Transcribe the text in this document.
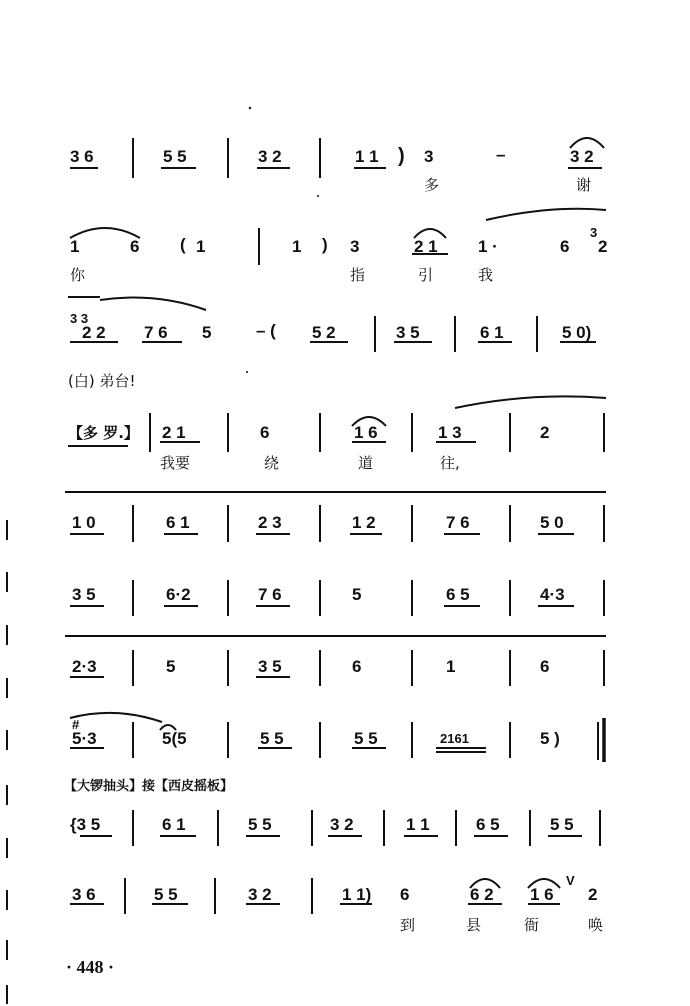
3 6	5 5	3 2	1 1 ) 3	–	3 2
多	谢
1	6 ( 1	1 ) 3	2 1 1 ·	6
3
2
你	指	引	我
3 3
2 2 7 6 5	– ( 5 2	3 5	6 1	5 0)
(白) 弟台!
【多 罗.】 2 1	6	1 6	1 3	2
我要	绕	道	往,
1 0	6 1	2 3	1 2	7 6	5 0
3 5	6·2	7 6	5	6 5	4·3
2·3	5	3 5	6	1	6
#
5·3	5(5	5 5	5 5	2161	5 )
【大锣抽头】接【西皮摇板】
{3 5	6 1	5 5	3 2	1 1	6 5	5 5
3 6	5 5	3 2	1 1) 6	6 2 1 6
V
2
到	县	衙	唤
· 448 ·
